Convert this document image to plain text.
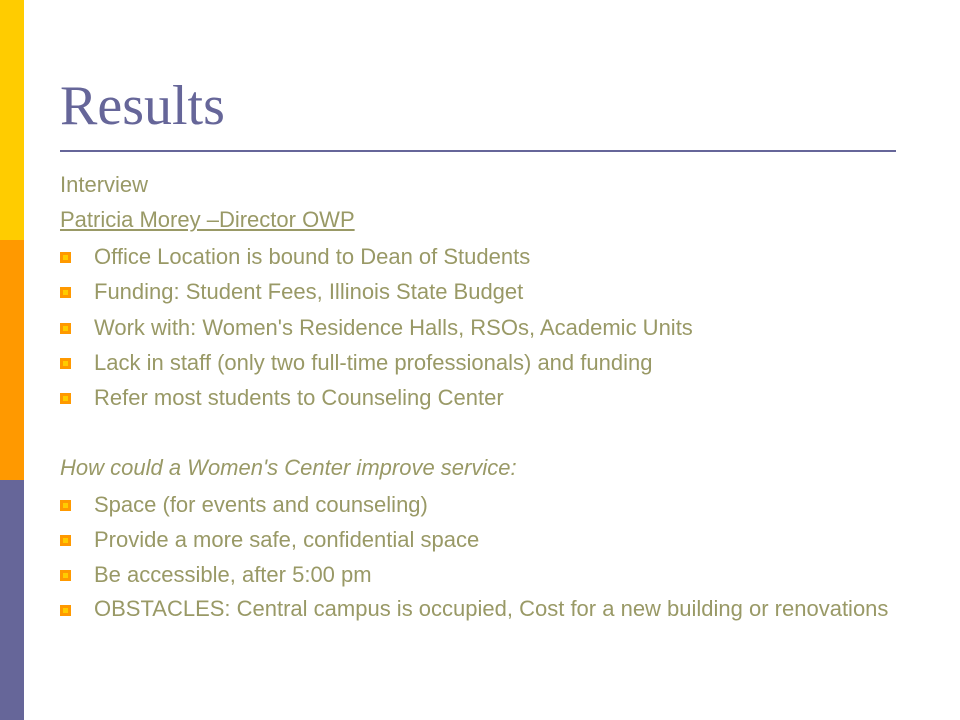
Results
Interview
Patricia Morey –Director OWP
Office Location is bound to Dean of Students
Funding: Student Fees, Illinois State Budget
Work with: Women's Residence Halls, RSOs, Academic Units
Lack in staff (only two full-time professionals) and funding
Refer most students to Counseling Center
How could a Women's Center improve service:
Space (for events and counseling)
Provide a more safe, confidential space
Be accessible, after 5:00 pm
OBSTACLES: Central campus is occupied, Cost for a new building or renovations
